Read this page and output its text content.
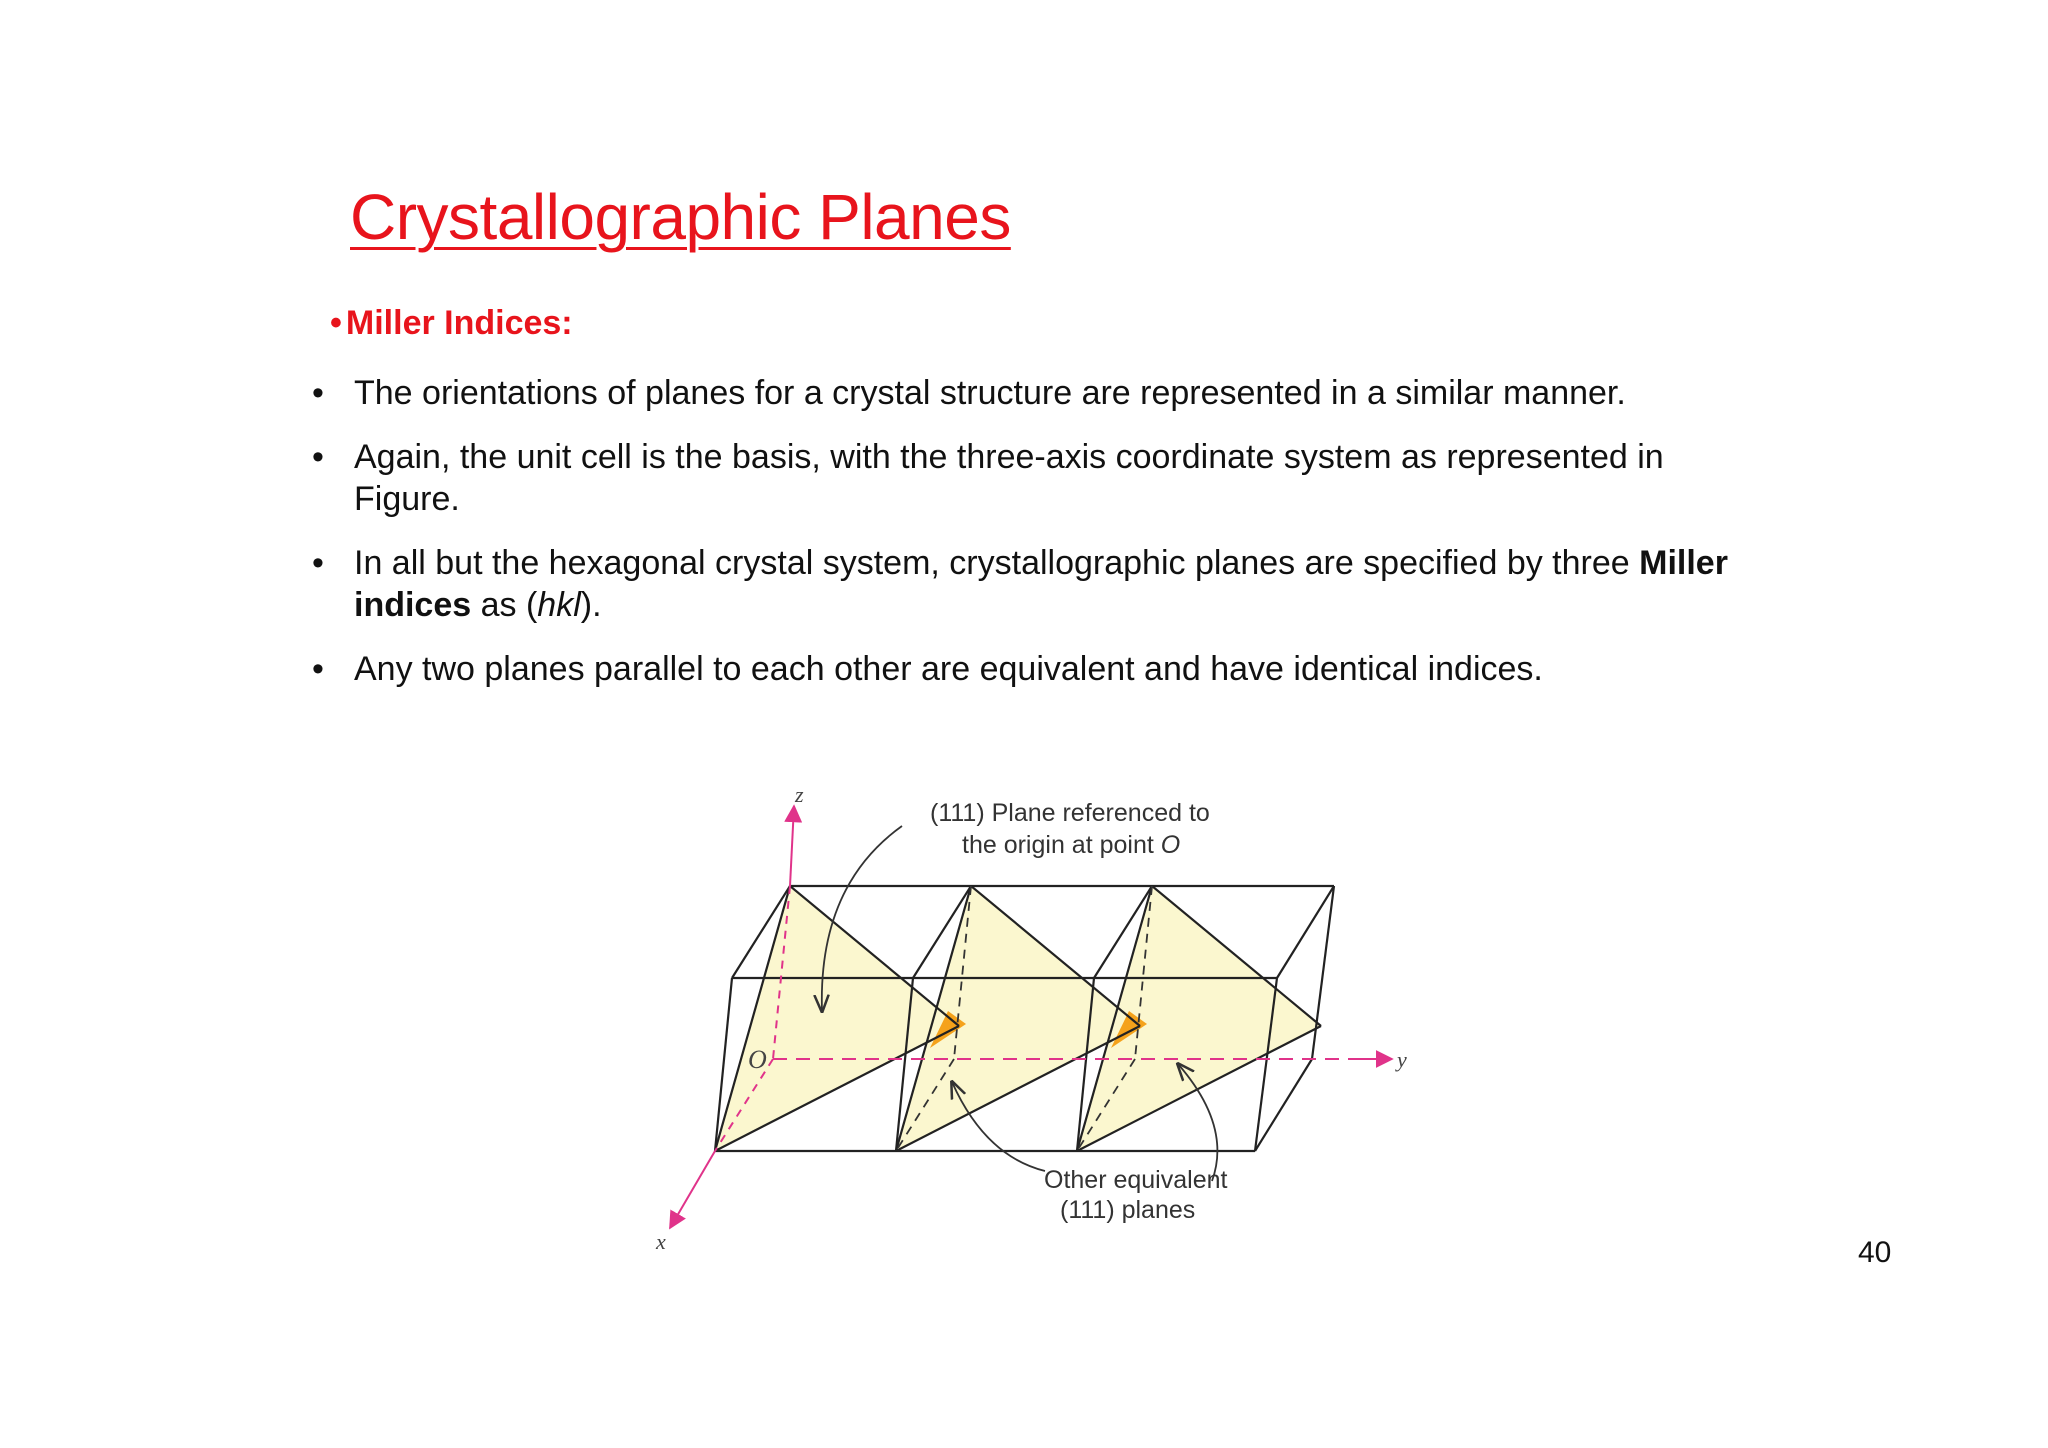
Crystallographic Planes
• Miller Indices:
• The orientations of planes for a crystal structure are represented in a similar manner.
• Again, the unit cell is the basis, with the three-axis coordinate system as represented in Figure.
• In all but the hexagonal crystal system, crystallographic planes are specified by three Miller indices as (hkl).
• Any two planes parallel to each other are equivalent and have identical indices.
z
x
y
O
(111) Plane referenced to
the origin at point O
Other equivalent
(111) planes
40
